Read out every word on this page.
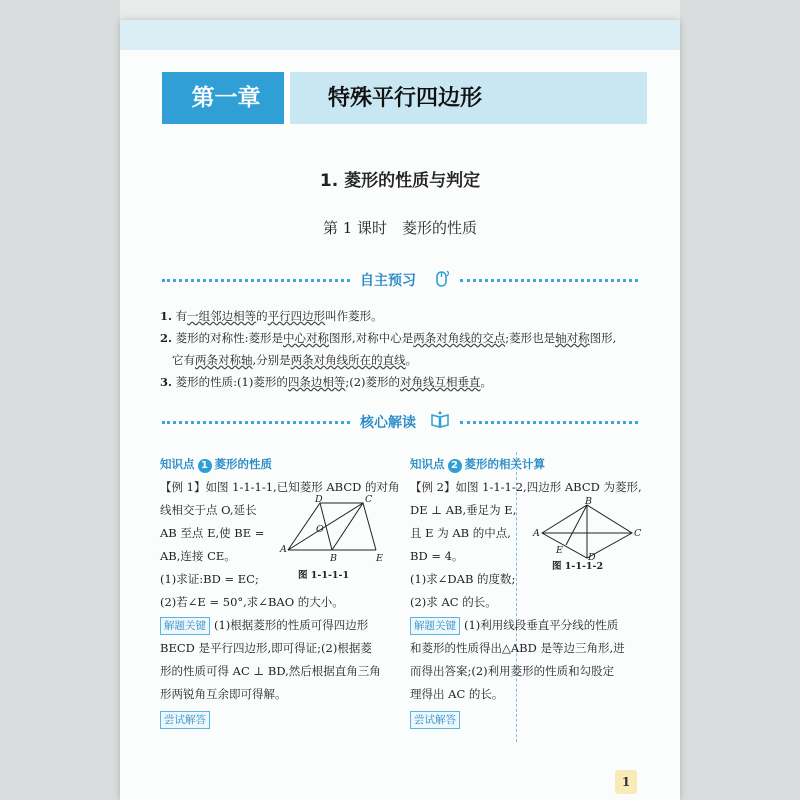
第一章	特殊平行四边形
1. 菱形的性质与判定
第 1 课时　菱形的性质
自主预习
1. 有一组邻边相等的平行四边形叫作菱形。
2. 菱形的对称性:菱形是中心对称图形,对称中心是两条对角线的交点;菱形也是轴对称图形,
它有两条对称轴,分别是两条对角线所在的直线。
3. 菱形的性质:(1)菱形的四条边相等;(2)菱形的对角线互相垂直。
核心解读
知识点 1 菱形的性质
【例 1】如图 1-1-1-1,已知菱形 ABCD 的对角
线相交于点 O,延长
AB 至点 E,使 BE =
AB,连接 CE。
(1)求证:BD = EC;
(2)若∠E = 50°,求∠BAO 的大小。
解题关键 (1)根据菱形的性质可得四边形
BECD 是平行四边形,即可得证;(2)根据菱
形的性质可得 AC ⊥ BD,然后根据直角三角
形两锐角互余即可得解。
尝试解答
A
B
C
D
E
O
图 1-1-1-1
知识点 2 菱形的相关计算
【例 2】如图 1-1-1-2,四边形 ABCD 为菱形,
DE ⊥ AB,垂足为 E,
且 E 为 AB 的中点,
BD = 4。
(1)求∠DAB 的度数;
(2)求 AC 的长。
解题关键 (1)利用线段垂直平分线的性质
和菱形的性质得出△ABD 是等边三角形,进
而得出答案;(2)利用菱形的性质和勾股定
理得出 AC 的长。
尝试解答
A
B
C
D
E
图 1-1-1-2
1
